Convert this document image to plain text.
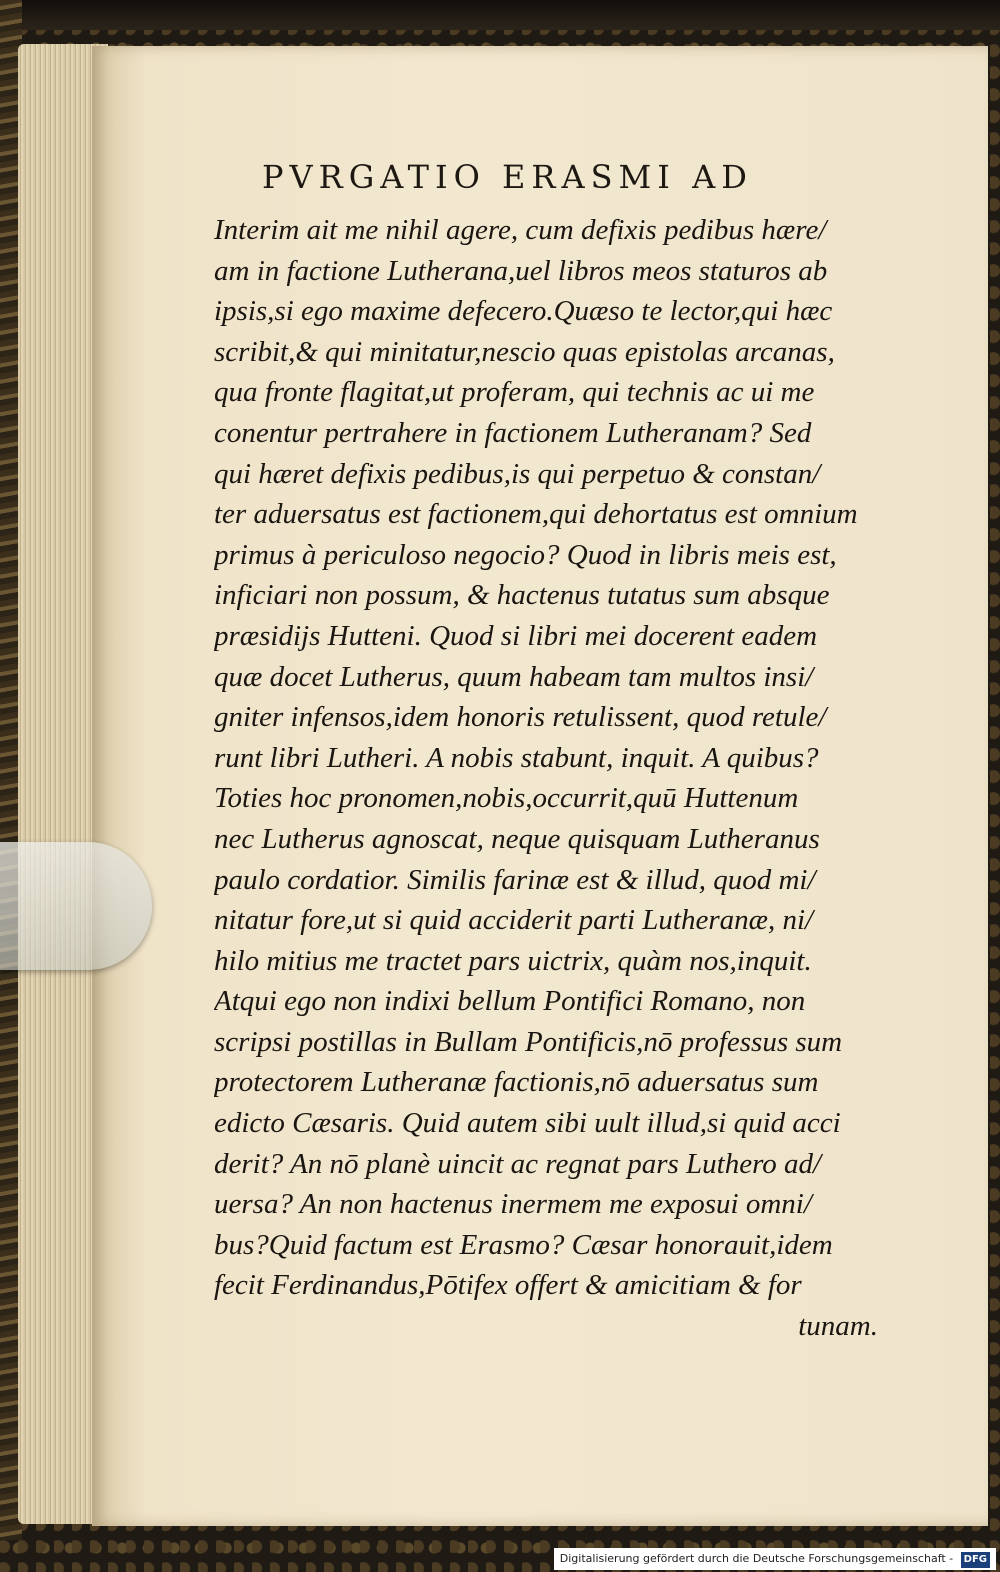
PVRGATIO ERASMI AD
Interim ait me nihil agere, cum defixis pedibus hære/
am in factione Lutherana,uel libros meos staturos ab
ipsis,si ego maxime defecero.Quæso te lector,qui hæc
scribit,& qui minitatur,nescio quas epistolas arcanas,
qua fronte flagitat,ut proferam, qui technis ac ui me
conentur pertrahere in factionem Lutheranam? Sed
qui hæret defixis pedibus,is qui perpetuo & constan/
ter aduersatus est factionem,qui dehortatus est omnium
primus à periculoso negocio? Quod in libris meis est,
inficiari non possum, & hactenus tutatus sum absque
præsidijs Hutteni. Quod si libri mei docerent eadem
quæ docet Lutherus, quum habeam tam multos insi/
gniter infensos,idem honoris retulissent, quod retule/
runt libri Lutheri. A nobis stabunt, inquit. A quibus?
Toties hoc pronomen,nobis,occurrit,quū Huttenum
nec Lutherus agnoscat, neque quisquam Lutheranus
paulo cordatior. Similis farinæ est & illud, quod mi/
nitatur fore,ut si quid acciderit parti Lutheranæ, ni/
hilo mitius me tractet pars uictrix, quàm nos,inquit.
Atqui ego non indixi bellum Pontifici Romano, non
scripsi postillas in Bullam Pontificis,nō professus sum
protectorem Lutheranæ factionis,nō aduersatus sum
edicto Cæsaris. Quid autem sibi uult illud,si quid acci
derit? An nō planè uincit ac regnat pars Luthero ad/
uersa? An non hactenus inermem me exposui omni/
bus?Quid factum est Erasmo? Cæsar honorauit,idem
fecit Ferdinandus,Pōtifex offert & amicitiam & for
tunam.
Digitalisierung gefördert durch die Deutsche Forschungsgemeinschaft - DFG
